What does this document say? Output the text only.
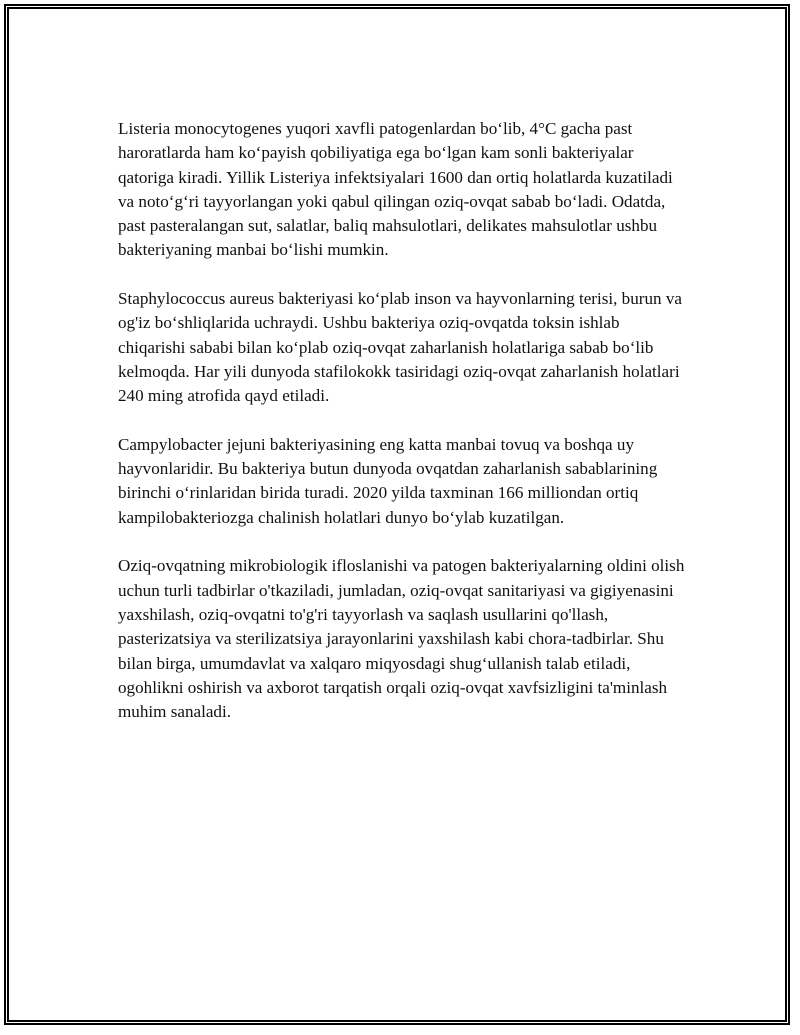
Listeria monocytogenes yuqori xavfli patogenlardan bo‘lib, 4°C gacha past haroratlarda ham ko‘payish qobiliyatiga ega bo‘lgan kam sonli bakteriyalar qatoriga kiradi. Yillik Listeriya infektsiyalari 1600 dan ortiq holatlarda kuzatiladi va noto‘g‘ri tayyorlangan yoki qabul qilingan oziq-ovqat sabab bo‘ladi. Odatda, past pasteralangan sut, salatlar, baliq mahsulotlari, delikates mahsulotlar ushbu bakteriyaning manbai bo‘lishi mumkin.

Staphylococcus aureus bakteriyasi ko‘plab inson va hayvonlarning terisi, burun va og'iz bo‘shliqlarida uchraydi. Ushbu bakteriya oziq-ovqatda toksin ishlab chiqarishi sababi bilan ko‘plab oziq-ovqat zaharlanish holatlariga sabab bo‘lib kelmoqda. Har yili dunyoda stafilokokk tasiridagi oziq-ovqat zaharlanish holatlari 240 ming atrofida qayd etiladi.

Campylobacter jejuni bakteriyasining eng katta manbai tovuq va boshqa uy hayvonlaridir. Bu bakteriya butun dunyoda ovqatdan zaharlanish sabablarining birinchi o‘rinlaridan birida turadi. 2020 yilda taxminan 166 milliondan ortiq kampilobakteriozga chalinish holatlari dunyo bo‘ylab kuzatilgan.

Oziq-ovqatning mikrobiologik ifloslanishi va patogen bakteriyalarning oldini olish uchun turli tadbirlar o'tkaziladi, jumladan, oziq-ovqat sanitariyasi va gigiyenasini yaxshilash, oziq-ovqatni to'g'ri tayyorlash va saqlash usullarini qo'llash, pasterizatsiya va sterilizatsiya jarayonlarini yaxshilash kabi chora-tadbirlar. Shu bilan birga, umumdavlat va xalqaro miqyosdagi shug‘ullanish talab etiladi, ogohlikni oshirish va axborot tarqatish orqali oziq-ovqat xavfsizligini ta'minlash muhim sanaladi.
